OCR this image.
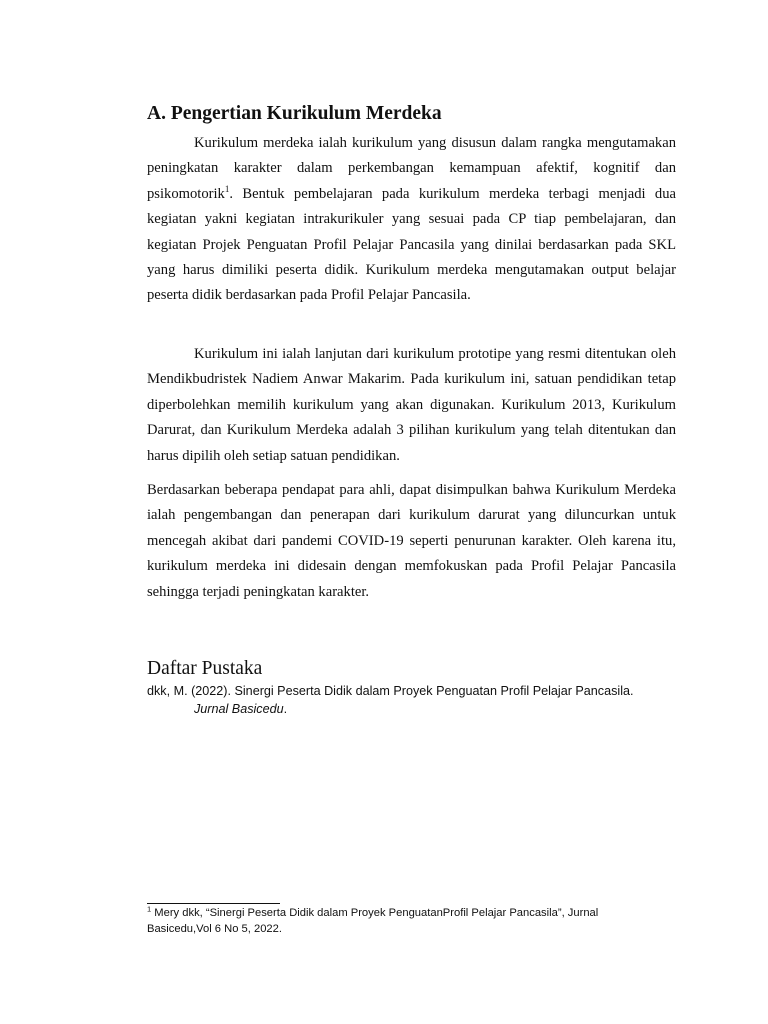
A. Pengertian Kurikulum Merdeka

Kurikulum merdeka ialah kurikulum yang disusun dalam rangka mengutamakan peningkatan karakter dalam perkembangan kemampuan afektif, kognitif dan psikomotorik$^1$. Bentuk pembelajaran pada kurikulum merdeka terbagi menjadi dua kegiatan yakni kegiatan intrakurikuler yang sesuai pada CP tiap pembelajaran, dan kegiatan Projek Penguatan Profil Pelajar Pancasila yang dinilai berdasarkan pada SKL yang harus dimiliki peserta didik. Kurikulum merdeka mengutamakan output belajar peserta didik berdasarkan pada Profil Pelajar Pancasila.

Kurikulum ini ialah lanjutan dari kurikulum prototipe yang resmi ditentukan oleh Mendikbudristek Nadiem Anwar Makarim. Pada kurikulum ini, satuan pendidikan tetap diperbolehkan memilih kurikulum yang akan digunakan. Kurikulum 2013, Kurikulum Darurat, dan Kurikulum Merdeka adalah 3 pilihan kurikulum yang telah ditentukan dan harus dipilih oleh setiap satuan pendidikan.

Berdasarkan beberapa pendapat para ahli, dapat disimpulkan bahwa Kurikulum Merdeka ialah pengembangan dan penerapan dari kurikulum darurat yang diluncurkan untuk mencegah akibat dari pandemi COVID-19 seperti penurunan karakter. Oleh karena itu, kurikulum merdeka ini didesain dengan memfokuskan pada Profil Pelajar Pancasila sehingga terjadi peningkatan karakter.

Daftar Pustaka

dkk, M. (2022). Sinergi Peserta Didik dalam Proyek Penguatan Profil Pelajar Pancasila.
Jurnal Basicedu.

$^1$ Mery dkk, “Sinergi Peserta Didik dalam Proyek PenguatanProfil Pelajar Pancasila”, Jurnal Basicedu,Vol 6 No 5, 2022.
